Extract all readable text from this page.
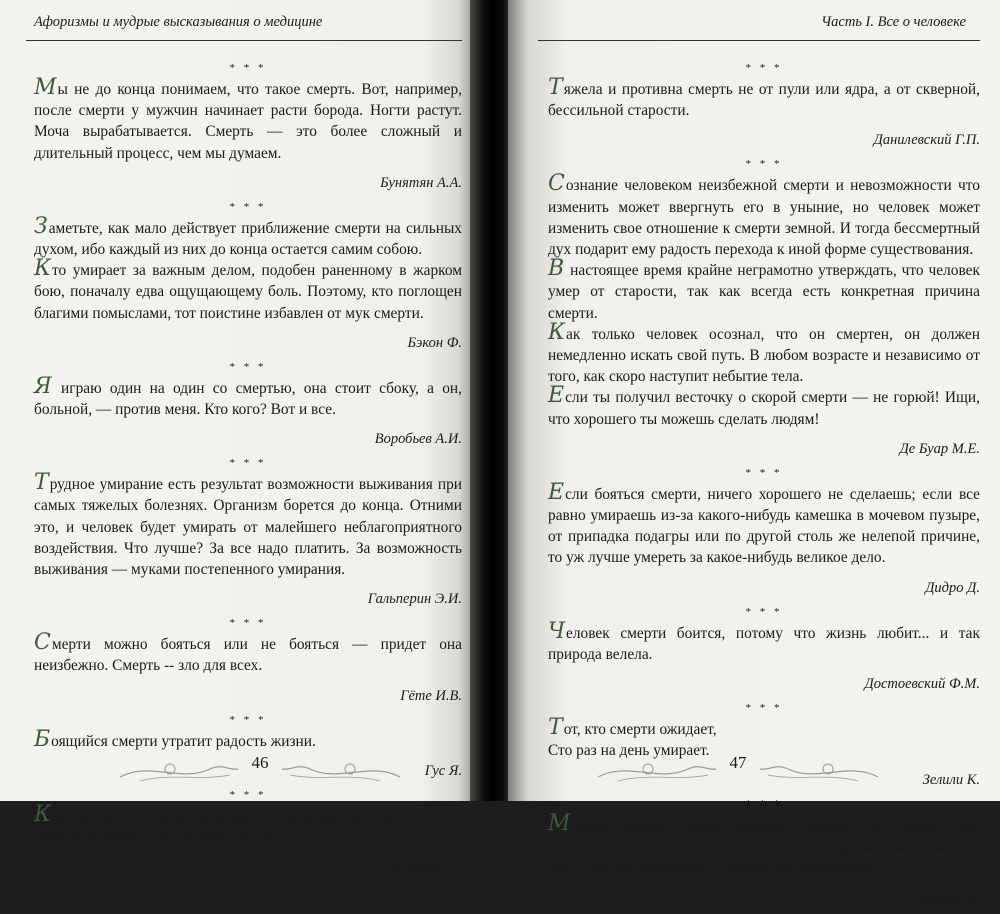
Афоризмы и мудрые высказывания о медицине
* * *

Мы не до конца понимаем, что такое смерть. Вот, например, после смерти у мужчин начинает расти борода. Ногти растут. Моча вырабатывается. Смерть — это более сложный и длительный процесс, чем мы думаем.

Бунятян А.А.
* * *

Заметьте, как мало действует приближение смерти на сильных духом, ибо каждый из них до конца остается самим собою.

Кто умирает за важным делом, подобен раненному в жарком бою, поначалу едва ощущающему боль. Поэтому, кто поглощен благими помыслами, тот поистине избавлен от мук смерти.

Бэкон Ф.
* * *

Я играю один на один со смертью, она стоит сбоку, а он, больной, — против меня. Кто кого? Вот и все.

Воробьев А.И.
* * *

Трудное умирание есть результат возможности выживания при самых тяжелых болезнях. Организм борется до конца. Отними это, и человек будет умирать от малейшего неблагоприятного воздействия. Что лучше? За все надо платить. За возможность выживания — муками постепенного умирания.

Гальперин Э.И.
* * *

Смерти можно бояться или не бояться — придет она неизбежно. Смерть -- зло для всех.

Гёте И.В.
* * *

Боящийся смерти утратит радость жизни.

Гус Я.
* * *

Как хорошо прожитый день дает спокойный сон, так с пользой прожитая жизнь дает спокойную смерть.

Да Винчи Л.
46
Часть I. Все о человеке
* * *

Тяжела и противна смерть не от пули или ядра, а от скверной, бессильной старости.

Данилевский Г.П.
* * *

Сознание человеком неизбежной смерти и невозможности что изменить может ввергнуть его в уныние, но человек может изменить свое отношение к смерти земной. И тогда бессмертный дух подарит ему радость перехода к иной форме существования.

В настоящее время крайне неграмотно утверждать, что человек умер от старости, так как всегда есть конкретная причина смерти.

Как только человек осознал, что он смертен, он должен немедленно искать свой путь. В любом возрасте и независимо от того, как скоро наступит небытие тела.

Если ты получил весточку о скорой смерти — не горюй! Ищи, что хорошего ты можешь сделать людям!

Де Буар М.Е.
* * *

Если бояться смерти, ничего хорошего не сделаешь; если все равно умираешь из-за какого-нибудь камешка в мочевом пузыре, от припадка подагры или по другой столь же нелепой причине, то уж лучше умереть за какое-нибудь великое дело.

Дидро Д.
* * *

Человек смерти боится, потому что жизнь любит... и так природа велела.

Достоевский Ф.М.
* * *

Тот, кто смерти ожидает,
Сто раз на день умирает.

Зелили К.
* * *

Могила хоронит любые ошибки, скрывает все недостатки, гасит самую пылкую ненависть! На ее мирном ложе покоятся лишь горькое раскаяние и нежные воспоминания.

Ирвинг В.
47
